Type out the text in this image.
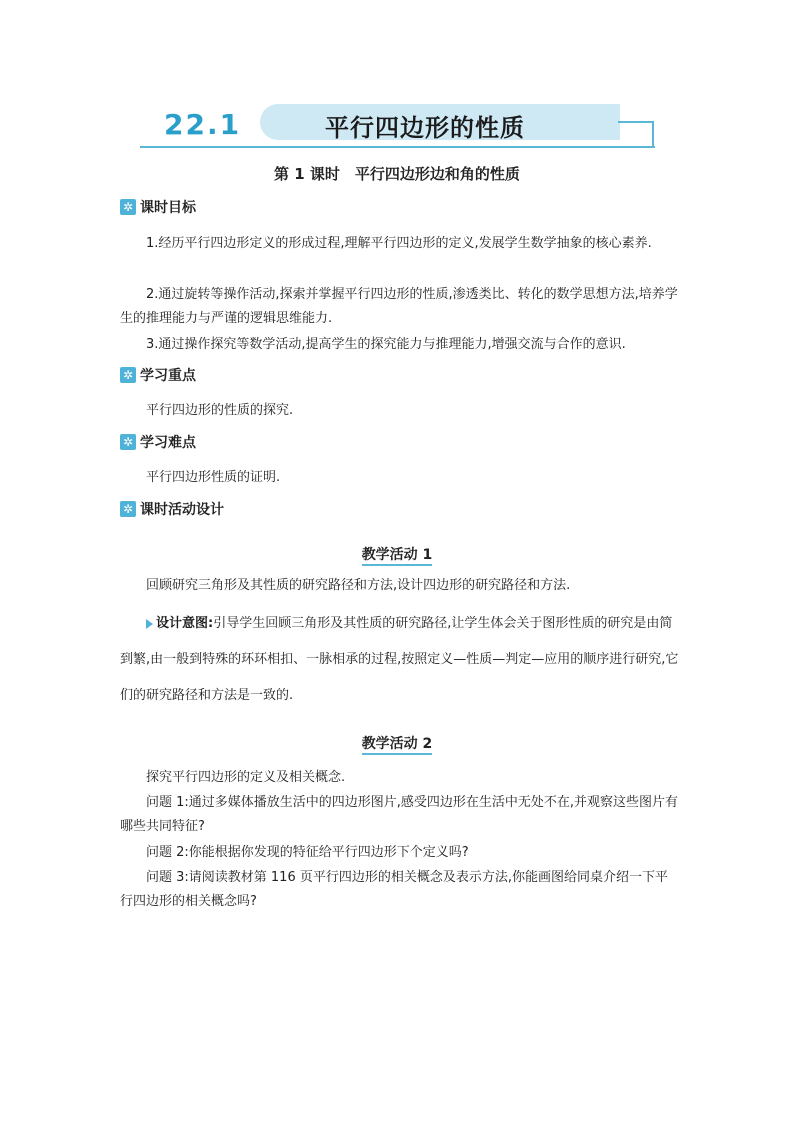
22.1	平行四边形的性质
第 1 课时　平行四边形边和角的性质
✲ 课时目标
1.经历平行四边形定义的形成过程,理解平行四边形的定义,发展学生数学抽象的核心素养.
2.通过旋转等操作活动,探索并掌握平行四边形的性质,渗透类比、转化的数学思想方法,培养学生的推理能力与严谨的逻辑思维能力.
3.通过操作探究等数学活动,提高学生的探究能力与推理能力,增强交流与合作的意识.
✲ 学习重点
平行四边形的性质的探究.
✲ 学习难点
平行四边形性质的证明.
✲ 课时活动设计
教学活动 1
回顾研究三角形及其性质的研究路径和方法,设计四边形的研究路径和方法.
设计意图:引导学生回顾三角形及其性质的研究路径,让学生体会关于图形性质的研究是由简到繁,由一般到特殊的环环相扣、一脉相承的过程,按照定义—性质—判定—应用的顺序进行研究,它们的研究路径和方法是一致的.
教学活动 2
探究平行四边形的定义及相关概念.
问题 1:通过多媒体播放生活中的四边形图片,感受四边形在生活中无处不在,并观察这些图片有哪些共同特征?
问题 2:你能根据你发现的特征给平行四边形下个定义吗?
问题 3:请阅读教材第 116 页平行四边形的相关概念及表示方法,你能画图给同桌介绍一下平行四边形的相关概念吗?
